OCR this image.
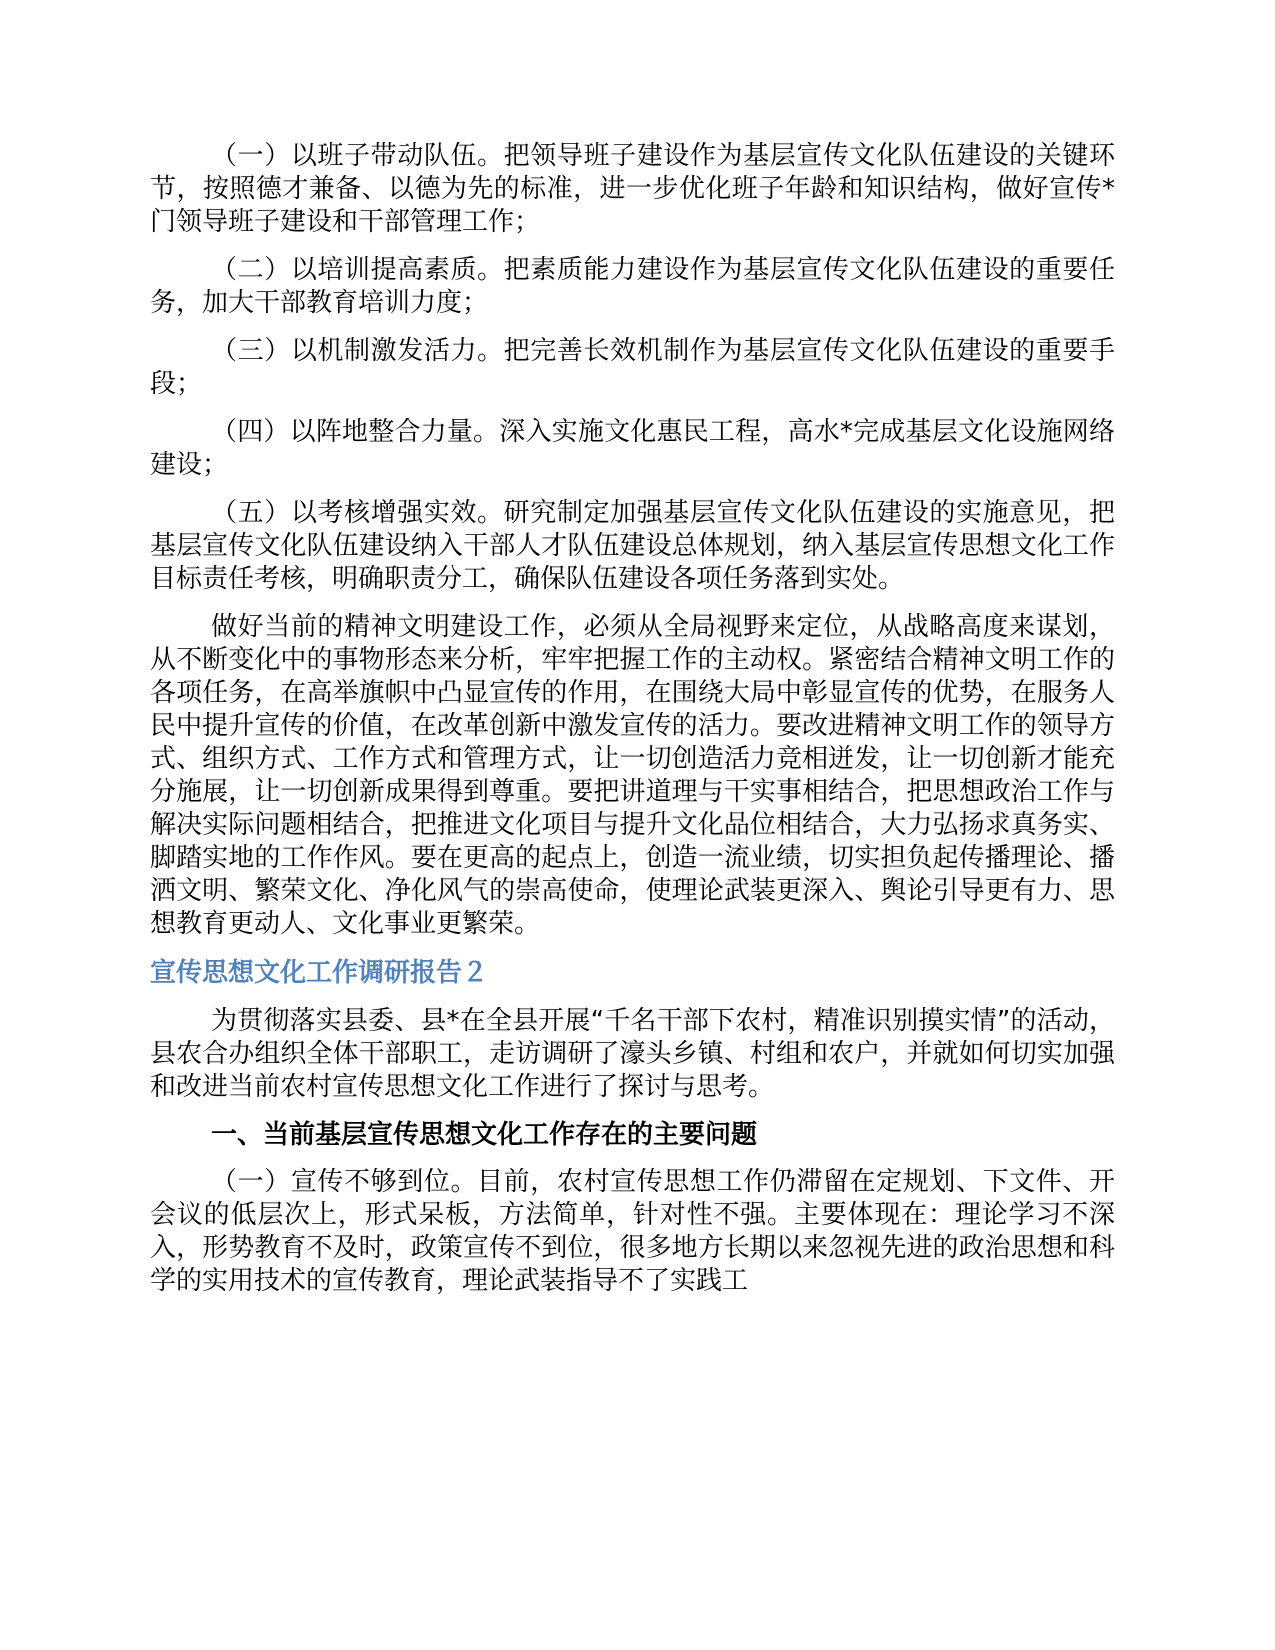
（一）以班子带动队伍。把领导班子建设作为基层宣传文化队伍建设的关键环节，按照德才兼备、以德为先的标准，进一步优化班子年龄和知识结构，做好宣传*门领导班子建设和干部管理工作；

（二）以培训提高素质。把素质能力建设作为基层宣传文化队伍建设的重要任务，加大干部教育培训力度；

（三）以机制激发活力。把完善长效机制作为基层宣传文化队伍建设的重要手段；

（四）以阵地整合力量。深入实施文化惠民工程，高水*完成基层文化设施网络建设；

（五）以考核增强实效。研究制定加强基层宣传文化队伍建设的实施意见，把基层宣传文化队伍建设纳入干部人才队伍建设总体规划，纳入基层宣传思想文化工作目标责任考核，明确职责分工，确保队伍建设各项任务落到实处。

做好当前的精神文明建设工作，必须从全局视野来定位，从战略高度来谋划，从不断变化中的事物形态来分析，牢牢把握工作的主动权。紧密结合精神文明工作的各项任务，在高举旗帜中凸显宣传的作用，在围绕大局中彰显宣传的优势，在服务人民中提升宣传的价值，在改革创新中激发宣传的活力。要改进精神文明工作的领导方式、组织方式、工作方式和管理方式，让一切创造活力竞相迸发，让一切创新才能充分施展，让一切创新成果得到尊重。要把讲道理与干实事相结合，把思想政治工作与解决实际问题相结合，把推进文化项目与提升文化品位相结合，大力弘扬求真务实、脚踏实地的工作作风。要在更高的起点上，创造一流业绩，切实担负起传播理论、播洒文明、繁荣文化、净化风气的崇高使命，使理论武装更深入、舆论引导更有力、思想教育更动人、文化事业更繁荣。

宣传思想文化工作调研报告２

为贯彻落实县委、县*在全县开展“千名干部下农村，精准识别摸实情”的活动，县农合办组织全体干部职工，走访调研了濠头乡镇、村组和农户，并就如何切实加强和改进当前农村宣传思想文化工作进行了探讨与思考。

一、当前基层宣传思想文化工作存在的主要问题

（一）宣传不够到位。目前，农村宣传思想工作仍滞留在定规划、下文件、开会议的低层次上，形式呆板，方法简单，针对性不强。主要体现在：理论学习不深入，形势教育不及时，政策宣传不到位，很多地方长期以来忽视先进的政治思想和科学的实用技术的宣传教育，理论武装指导不了实践工
